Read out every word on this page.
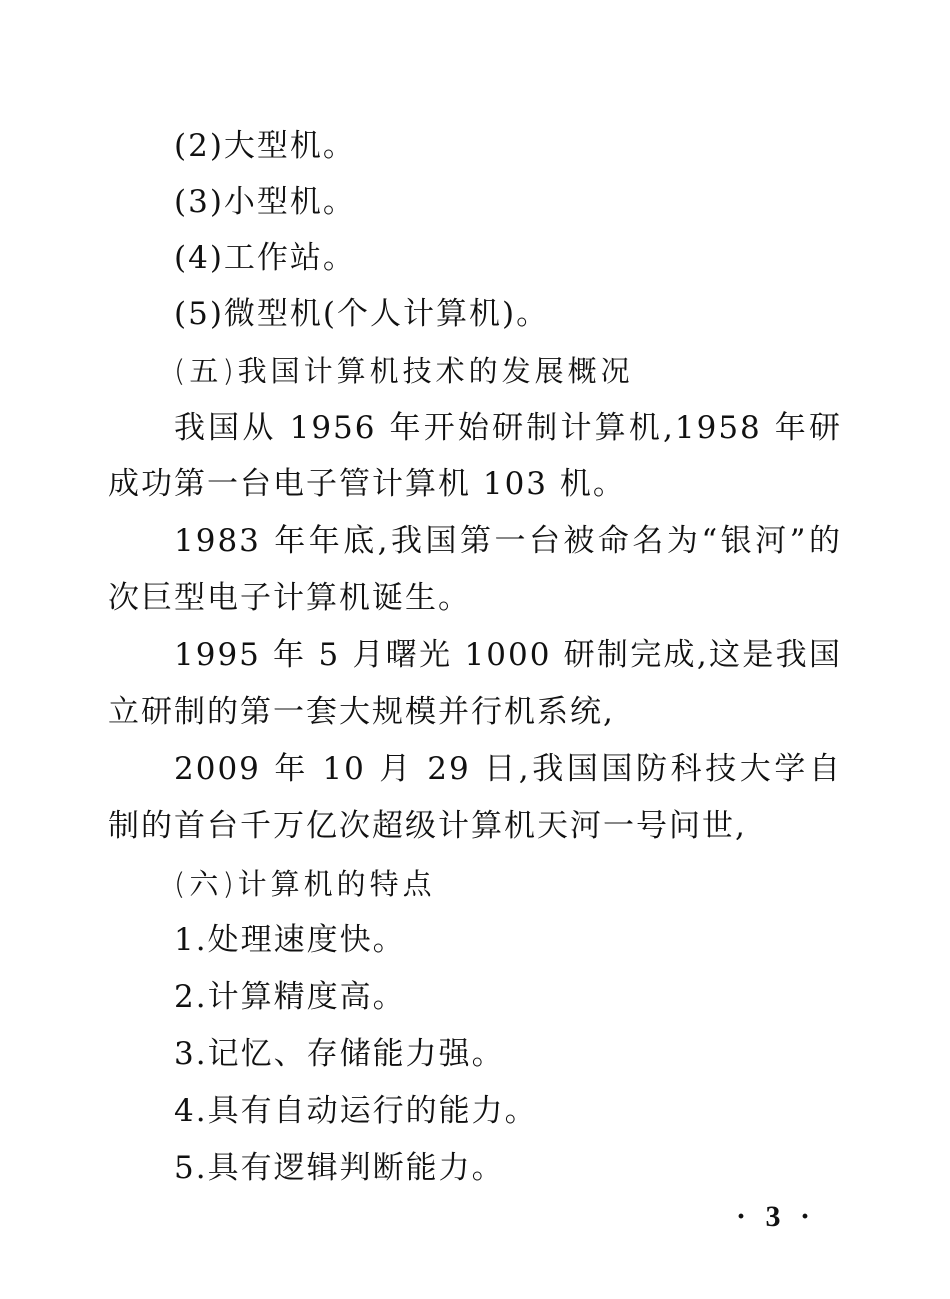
(2)大型机。
(3)小型机。
(4)工作站。
(5)微型机(个人计算机)。
(五)我国计算机技术的发展概况
我国从 1956 年开始研制计算机,1958 年研
成功第一台电子管计算机 103 机。
1983 年年底,我国第一台被命名为“银河”的
次巨型电子计算机诞生。
1995 年 5 月曙光 1000 研制完成,这是我国
立研制的第一套大规模并行机系统,
2009 年 10 月 29 日,我国国防科技大学自
制的首台千万亿次超级计算机天河一号问世,
(六)计算机的特点
1.处理速度快。
2.计算精度高。
3.记忆、存储能力强。
4.具有自动运行的能力。
5.具有逻辑判断能力。
· 3 ·
